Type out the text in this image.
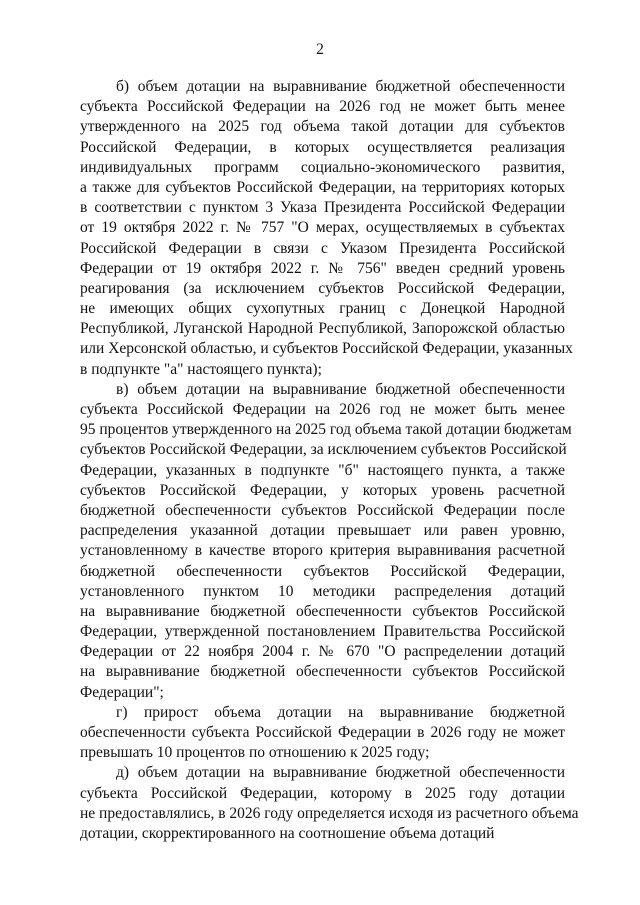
2
б) объем дотации на выравнивание бюджетной обеспеченности
субъекта Российской Федерации на 2026 год не может быть менее
утвержденного на 2025 год объема такой дотации для субъектов
Российской Федерации, в которых осуществляется реализация
индивидуальных программ социально-экономического развития,
а также для субъектов Российской Федерации, на территориях которых
в соответствии с пунктом 3 Указа Президента Российской Федерации
от 19 октября 2022 г. № 757 "О мерах, осуществляемых в субъектах
Российской Федерации в связи с Указом Президента Российской
Федерации от 19 октября 2022 г. № 756" введен средний уровень
реагирования (за исключением субъектов Российской Федерации,
не имеющих общих сухопутных границ с Донецкой Народной
Республикой, Луганской Народной Республикой, Запорожской областью
или Херсонской областью, и субъектов Российской Федерации, указанных
в подпункте "а" настоящего пункта);
в) объем дотации на выравнивание бюджетной обеспеченности
субъекта Российской Федерации на 2026 год не может быть менее
95 процентов утвержденного на 2025 год объема такой дотации бюджетам
субъектов Российской Федерации, за исключением субъектов Российской
Федерации, указанных в подпункте "б" настоящего пункта, а также
субъектов Российской Федерации, у которых уровень расчетной
бюджетной обеспеченности субъектов Российской Федерации после
распределения указанной дотации превышает или равен уровню,
установленному в качестве второго критерия выравнивания расчетной
бюджетной обеспеченности субъектов Российской Федерации,
установленного пунктом 10 методики распределения дотаций
на выравнивание бюджетной обеспеченности субъектов Российской
Федерации, утвержденной постановлением Правительства Российской
Федерации от 22 ноября 2004 г. № 670 "О распределении дотаций
на выравнивание бюджетной обеспеченности субъектов Российской
Федерации";
г) прирост объема дотации на выравнивание бюджетной
обеспеченности субъекта Российской Федерации в 2026 году не может
превышать 10 процентов по отношению к 2025 году;
д) объем дотации на выравнивание бюджетной обеспеченности
субъекта Российской Федерации, которому в 2025 году дотации
не предоставлялись, в 2026 году определяется исходя из расчетного объема
дотации, скорректированного на соотношение объема дотаций
